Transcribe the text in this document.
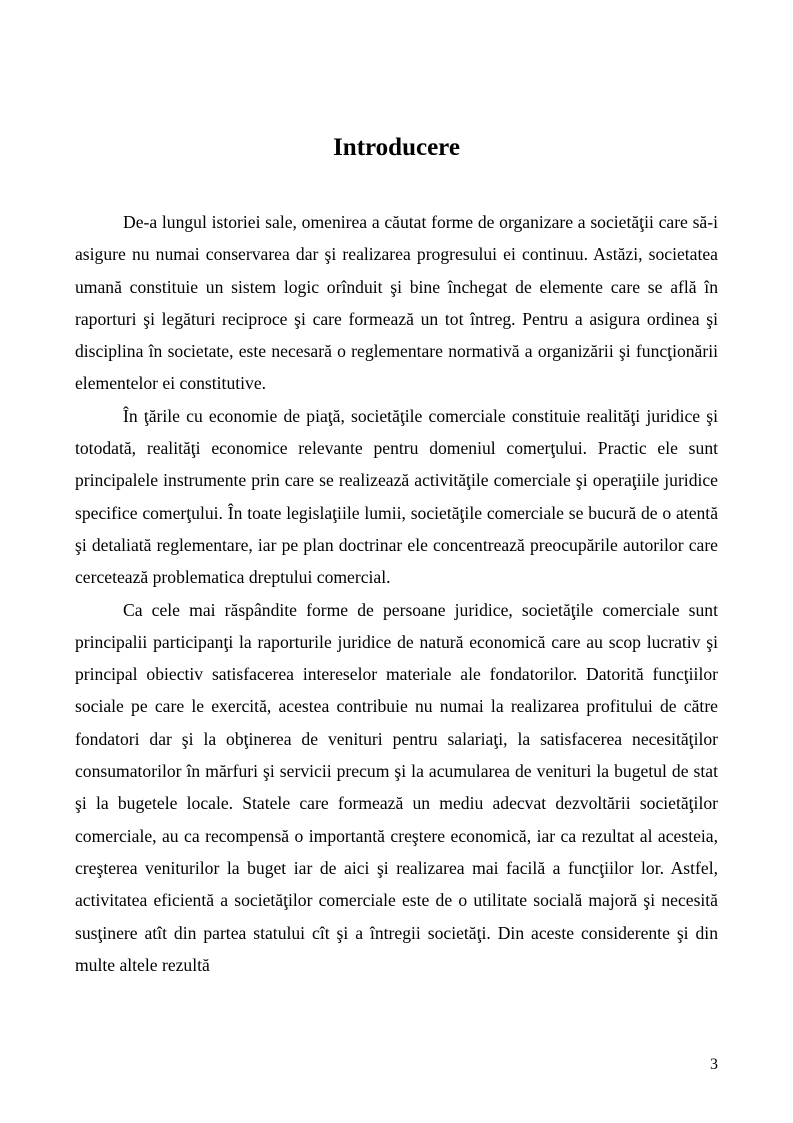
Introducere

De-a lungul istoriei sale, omenirea a căutat forme de organizare a societăţii care să-i asigure nu numai conservarea dar şi realizarea progresului ei continuu. Astăzi, societatea umană constituie un sistem logic orînduit şi bine închegat de elemente care se află în raporturi şi legături reciproce şi care formează un tot întreg. Pentru a asigura ordinea şi disciplina în societate, este necesară o reglementare normativă a organizării şi funcţionării elementelor ei constitutive.

În ţările cu economie de piaţă, societăţile comerciale constituie realităţi juridice şi totodată, realităţi economice relevante pentru domeniul comerţului. Practic ele sunt principalele instrumente prin care se realizează activităţile comerciale şi operaţiile juridice specifice comerţului. În toate legislaţiile lumii, societăţile comerciale se bucură de o atentă şi detaliată reglementare, iar pe plan doctrinar ele concentrează preocupările autorilor care cercetează problematica dreptului comercial.

Ca cele mai răspândite forme de persoane juridice, societăţile comerciale sunt principalii participanţi la raporturile juridice de natură economică care au scop lucrativ şi principal obiectiv satisfacerea intereselor materiale ale fondatorilor. Datorită funcţiilor sociale pe care le exercită, acestea contribuie nu numai la realizarea profitului de către fondatori dar şi la obţinerea de venituri pentru salariaţi, la satisfacerea necesităţilor consumatorilor în mărfuri şi servicii precum şi la acumularea de venituri la bugetul de stat şi la bugetele locale. Statele care formează un mediu adecvat dezvoltării societăţilor comerciale, au ca recompensă o importantă creştere economică, iar ca rezultat al acesteia, creşterea veniturilor la buget iar de aici şi realizarea mai facilă a funcţiilor lor. Astfel, activitatea eficientă a societăţilor comerciale este de o utilitate socială majoră şi necesită susţinere atît din partea statului cît şi a întregii societăţi. Din aceste considerente şi din multe altele rezultă

3
